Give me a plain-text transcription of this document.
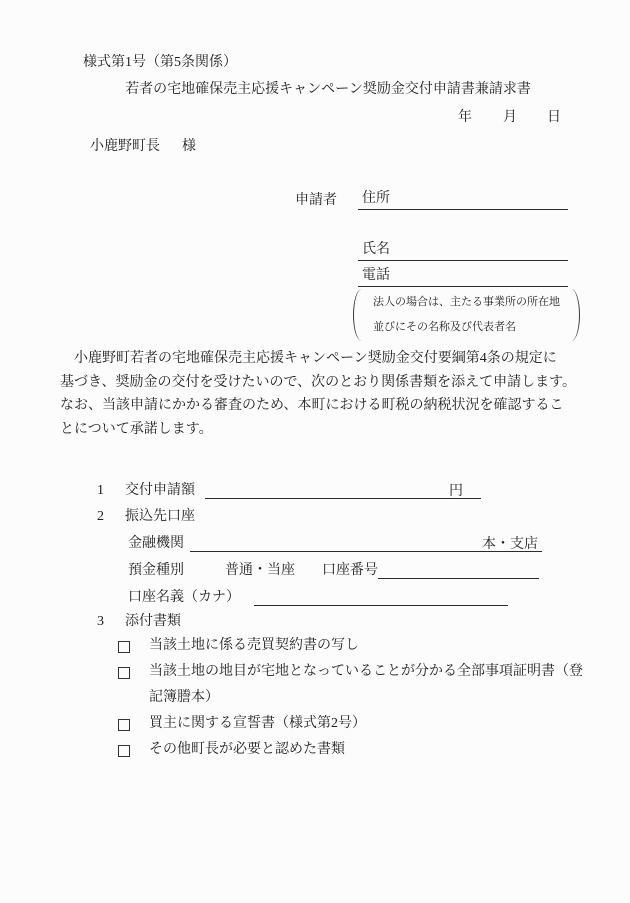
様式第1号（第5条関係）
若者の宅地確保売主応援キャンペーン奨励金交付申請書兼請求書
年 月 日
小鹿野町長 様
申請者 住所
氏名
電話
法人の場合は、主たる事業所の所在地
並びにその名称及び代表者名
　小鹿野町若者の宅地確保売主応援キャンペーン奨励金交付要綱第4条の規定に
基づき、奨励金の交付を受けたいので、次のとおり関係書類を添えて申請します。
なお、当該申請にかかる審査のため、本町における町税の納税状況を確認するこ
とについて承諾します。
1 交付申請額	円
2 振込先口座
金融機関	本・支店
預金種別	普通・当座 口座番号
口座名義（カナ）
3 添付書類
当該土地に係る売買契約書の写し
当該土地の地目が宅地となっていることが分かる全部事項証明書（登記簿謄本）
買主に関する宣誓書（様式第2号）
その他町長が必要と認めた書類
